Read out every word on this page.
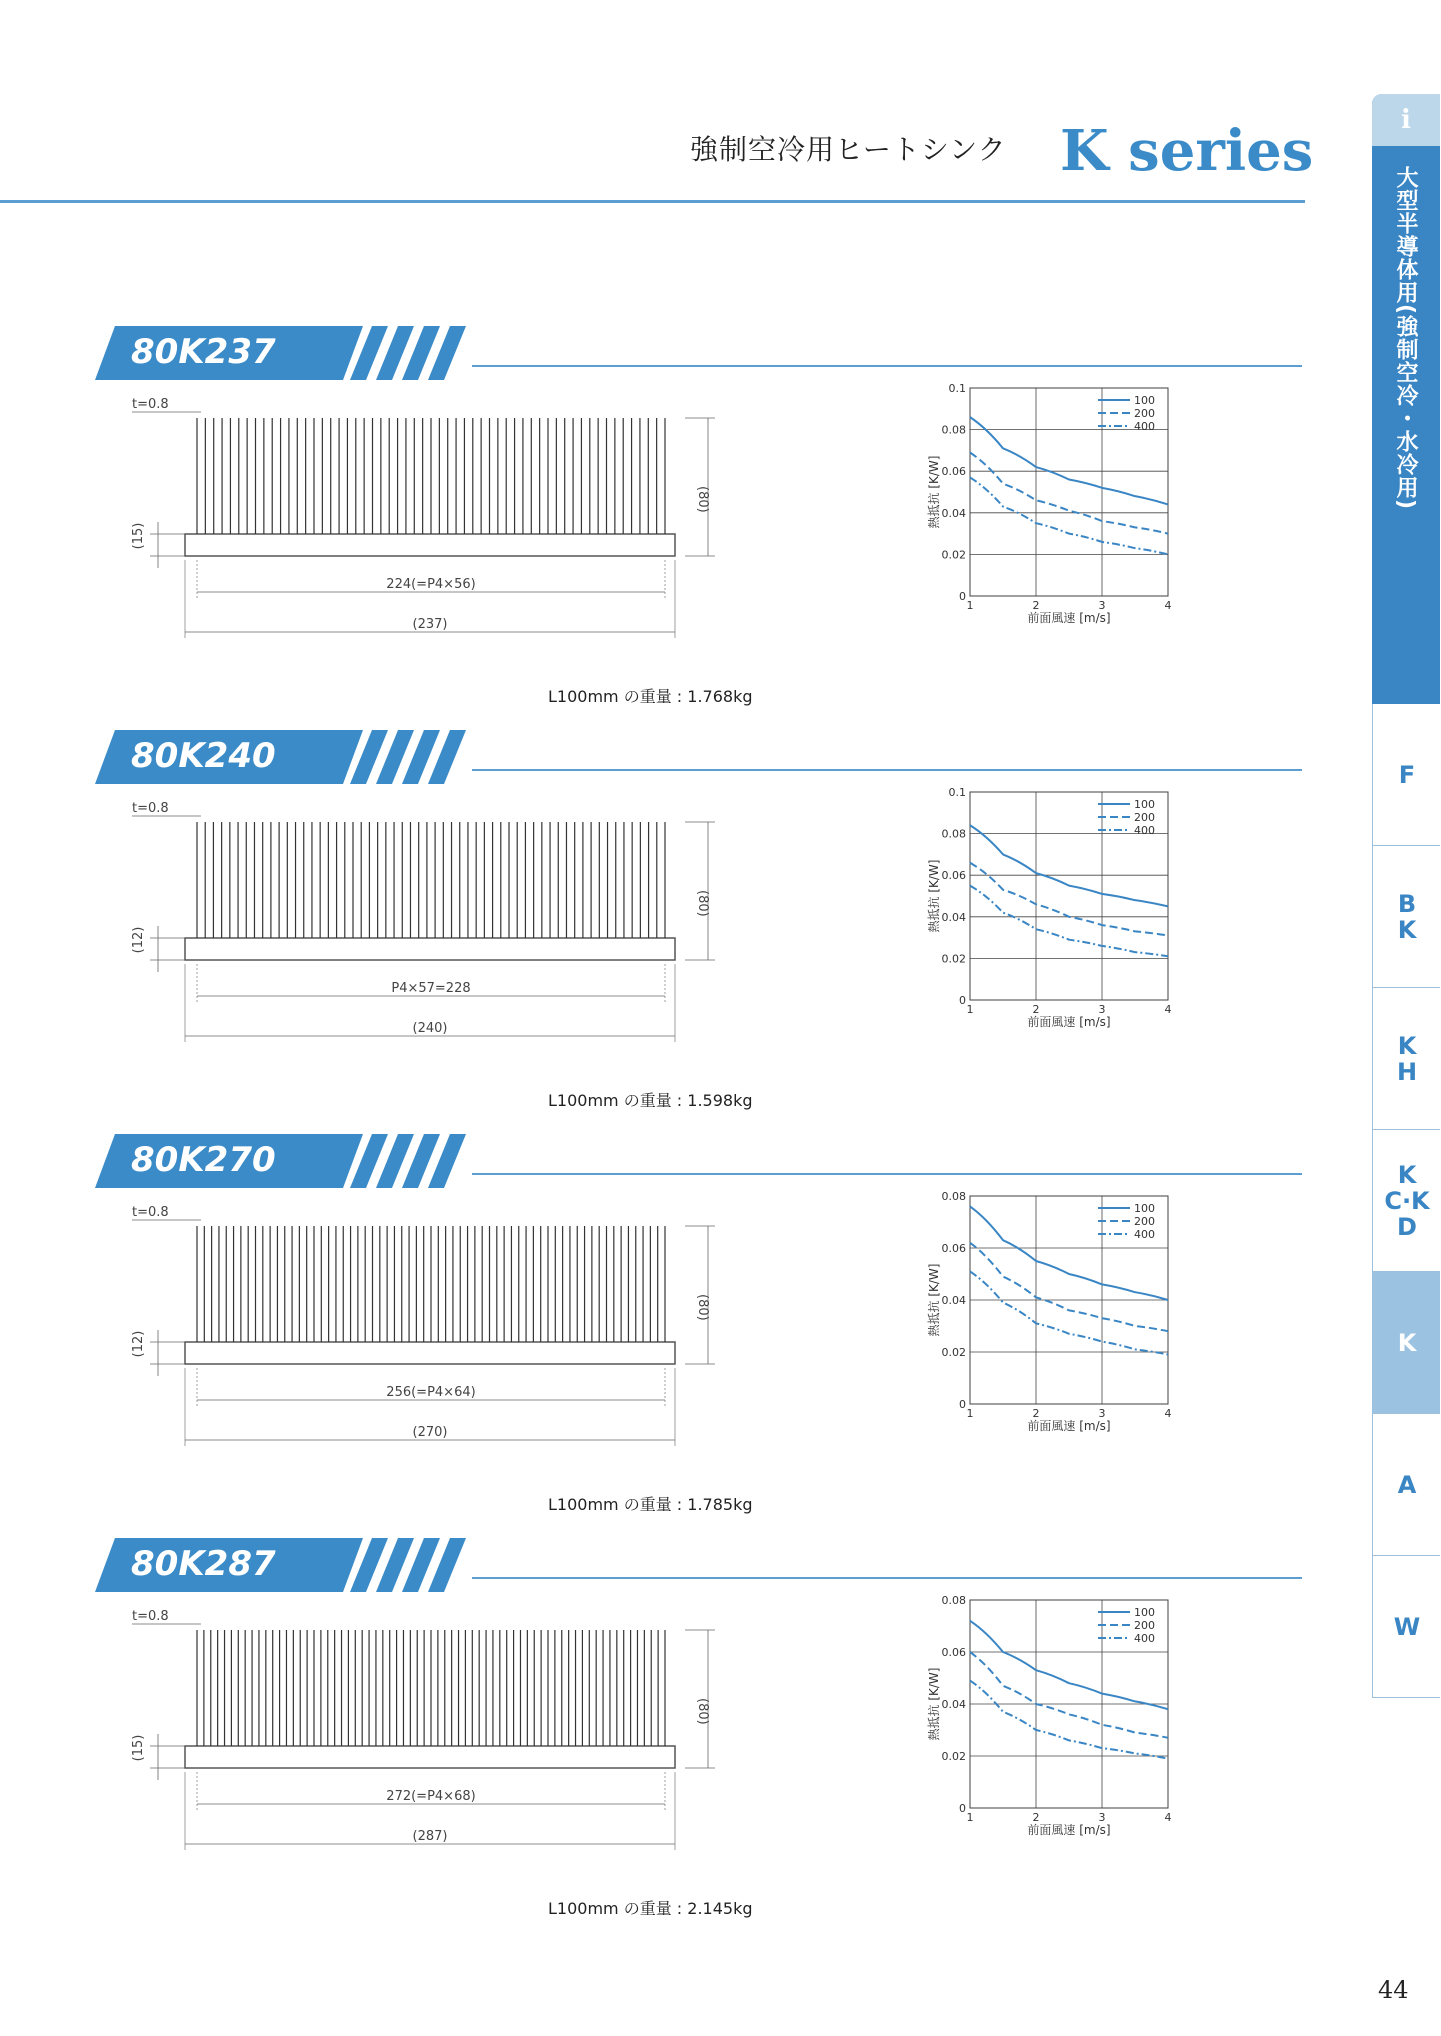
強制空冷用ヒートシンク K series	i
大型半導体用(強制空冷・水冷用)
F
B
K
K
H
K
C·K
D
K
A
W
44
80K237
L100mm の重量 : 1.768kg
(80)
(15)
t=0.8
224(=P4×56)
(237)
0
0.02
0.04
0.06
0.08
0.1
1	2	3	4
前面風速 [m/s]
熱抵抗 [K/W]
100
200
400
80K240
L100mm の重量 : 1.598kg
(80)
(12)
t=0.8
P4×57=228
(240)
0
0.02
0.04
0.06
0.08
0.1
1	2	3	4
前面風速 [m/s]
熱抵抗 [K/W]
100
200
400
80K270
L100mm の重量 : 1.785kg
(80)
(12)
t=0.8
256(=P4×64)
(270)
0
0.02
0.04
0.06
0.08
1	2	3	4
前面風速 [m/s]
熱抵抗 [K/W]
100
200
400
80K287
L100mm の重量 : 2.145kg
(80)
(15)
t=0.8
272(=P4×68)
(287)
0
0.02
0.04
0.06
0.08
1	2	3	4
前面風速 [m/s]
熱抵抗 [K/W]
100
200
400
